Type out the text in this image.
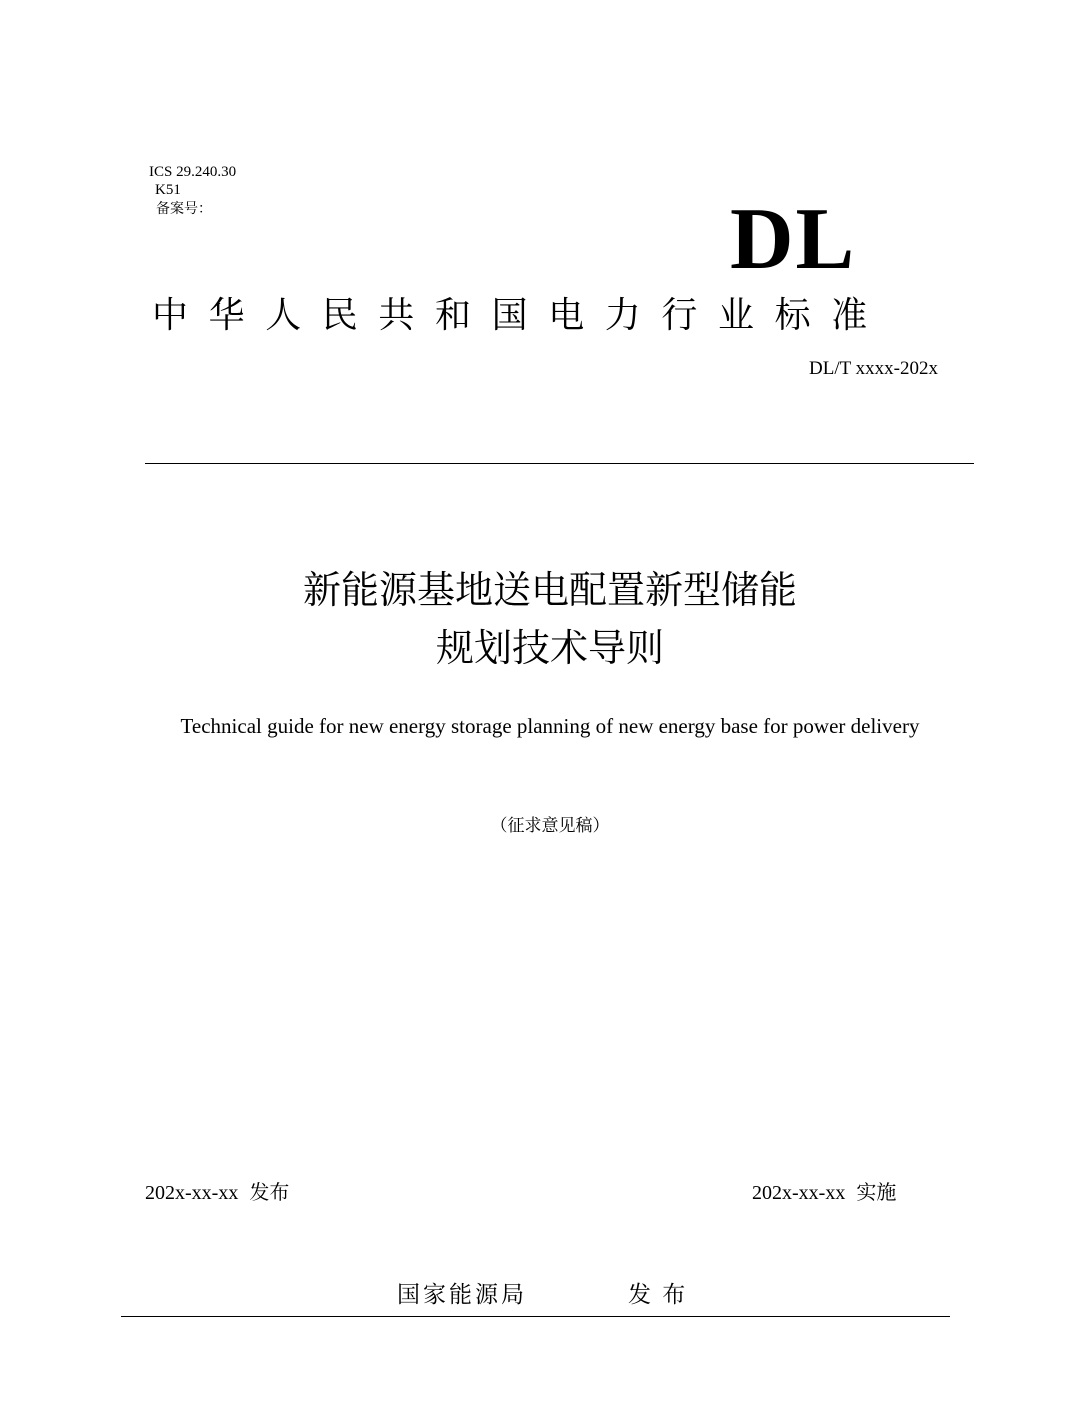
ICS 29.240.30
K51
备案号：	DL
中华人民共和国电力行业标准
DL/T xxxx-202x
新能源基地送电配置新型储能
规划技术导则
Technical guide for new energy storage planning of new energy base for power delivery
（征求意见稿）
202x-xx-xx 发布	202x-xx-xx 实施
国家能源局	发 布
